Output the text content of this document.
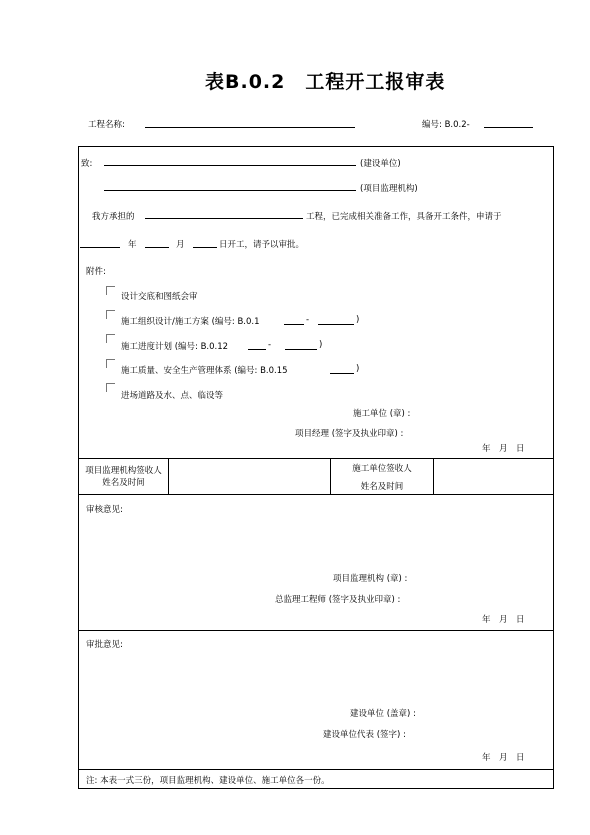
表B.0.2　工程开工报审表
工程名称:	编号: B.0.2-
致:	(建设单位)
(项目监理机构)
我方承担的	工程，已完成相关准备工作，具备开工条件，申请于
年	月	日开工，请予以审批。
附件:
设计交底和图纸会审
施工组织设计/施工方案 (编号: B.0.1	-	)
施工进度计划 (编号: B.0.12	-	)
施工质量、安全生产管理体系 (编号: B.0.15	)
进场道路及水、点、临设等
施工单位 (章) :
项目经理 (签字及执业印章) :
年　月　日
项目监理机构签收人
姓名及时间
施工单位签收人
姓名及时间
审核意见:
项目监理机构 (章) :
总监理工程师 (签字及执业印章) :
年　月　日
审批意见:
建设单位 (盖章) :
建设单位代表 (签字) :
年　月　日
注: 本表一式三份，项目监理机构、建设单位、施工单位各一份。
